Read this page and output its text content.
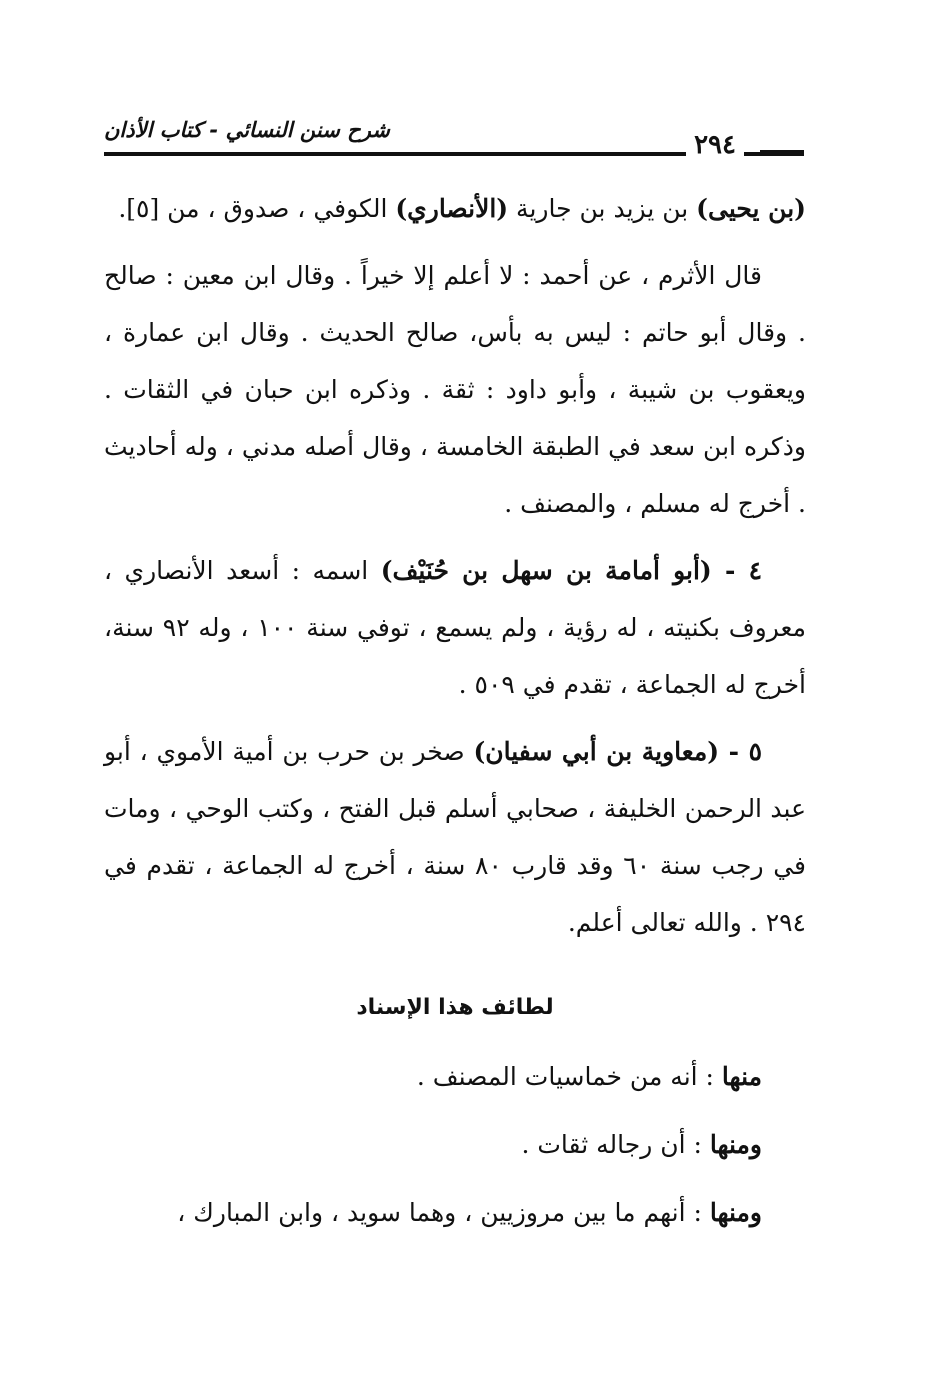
شرح سنن النسائي - كتاب الأذان	٢٩٤

(بن يحيى) بن يزيد بن جارية (الأنصاري) الكوفي ، صدوق ، من [٥].

قال الأثرم ، عن أحمد : لا أعلم إلا خيراً . وقال ابن معين : صالح . وقال أبو حاتم : ليس به بأس، صالح الحديث . وقال ابن عمارة ، ويعقوب بن شيبة ، وأبو داود : ثقة . وذكره ابن حبان في الثقات . وذكره ابن سعد في الطبقة الخامسة ، وقال أصله مدني ، وله أحاديث . أخرج له مسلم ، والمصنف .

٤ - (أبو أمامة بن سهل بن حُنَيْف) اسمه : أسعد الأنصاري ، معروف بكنيته ، له رؤية ، ولم يسمع ، توفي سنة ١٠٠ ، وله ٩٢ سنة، أخرج له الجماعة ، تقدم في ٥٠٩ .

٥ - (معاوية بن أبي سفيان) صخر بن حرب بن أمية الأموي ، أبو عبد الرحمن الخليفة ، صحابي أسلم قبل الفتح ، وكتب الوحي ، ومات في رجب سنة ٦٠ وقد قارب ٨٠ سنة ، أخرج له الجماعة ، تقدم في ٢٩٤ . والله تعالى أعلم.

لطائف هذا الإسناد

منها : أنه من خماسيات المصنف .

ومنها : أن رجاله ثقات .

ومنها : أنهم ما بين مروزيين ، وهما سويد ، وابن المبارك ،
